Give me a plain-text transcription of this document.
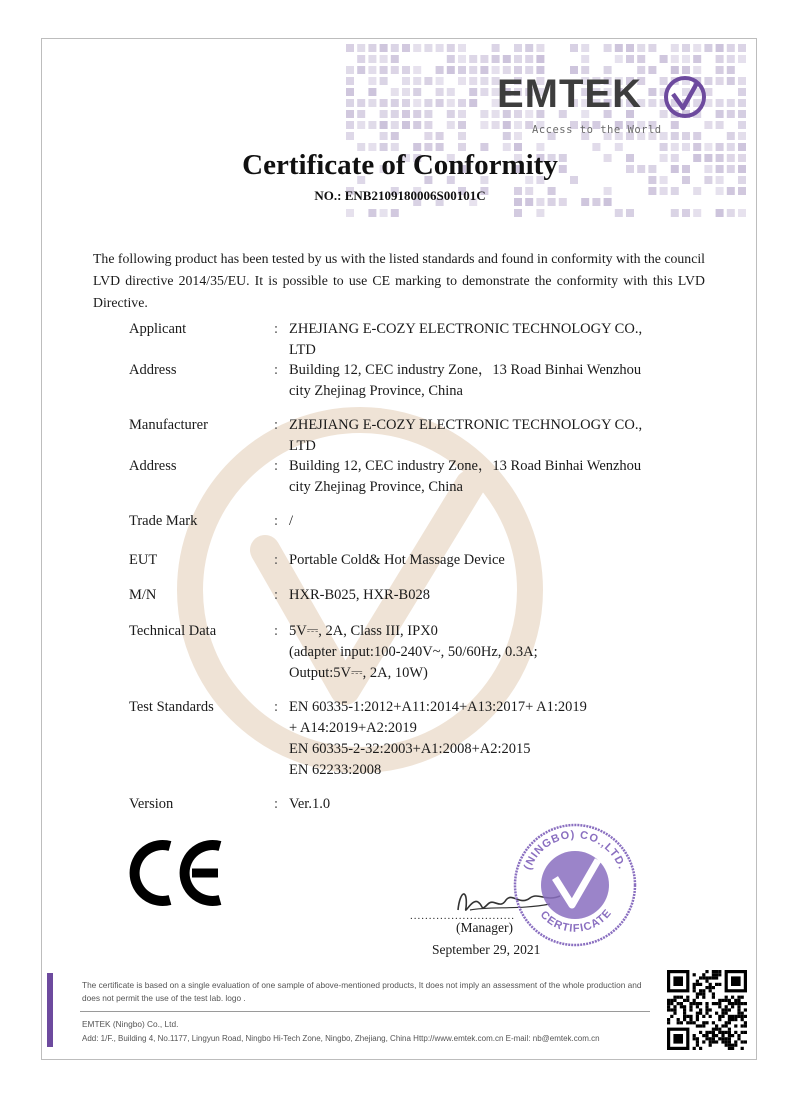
EMTEK
Access to the World
Certificate of Conformity
NO.: ENB2109180006S00101C
The following product has been tested by us with the listed standards and found in conformity with the council LVD directive 2014/35/EU. It is possible to use CE marking to demonstrate the conformity with this LVD Directive.
Applicant	: ZHEJIANG E-COZY ELECTRONIC TECHNOLOGY CO.,
LTD
Address	: Building 12, CEC industry Zone，13 Road Binhai Wenzhou
city Zhejinag Province, China
Manufacturer	: ZHEJIANG E-COZY ELECTRONIC TECHNOLOGY CO.,
LTD
Address	: Building 12, CEC industry Zone，13 Road Binhai Wenzhou
city Zhejinag Province, China
Trade Mark	: /
EUT	: Portable Cold& Hot Massage Device
M/N	: HXR-B025, HXR-B028
Technical Data	: 5V⎓, 2A, Class III, IPX0
(adapter input:100-240V~, 50/60Hz, 0.3A;
Output:5V⎓, 2A, 10W)
Test Standards	: EN 60335-1:2012+A11:2014+A13:2017+ A1:2019
+ A14:2019+A2:2019
EN 60335-2-32:2003+A1:2008+A2:2015
EN 62233:2008
Version	: Ver.1.0
............................
(Manager)
September 29, 2021
(NINGBO) CO.,LTD.
CERTIFICATE
The certificate is based on a single evaluation of one sample of above-mentioned products, It does not imply an assessment of the whole production and does not permit the use of the test lab. logo .
EMTEK (Ningbo) Co., Ltd.
Add: 1/F., Building 4, No.1177, Lingyun Road, Ningbo Hi-Tech Zone, Ningbo, Zhejiang, China Http://www.emtek.com.cn E-mail: nb@emtek.com.cn
